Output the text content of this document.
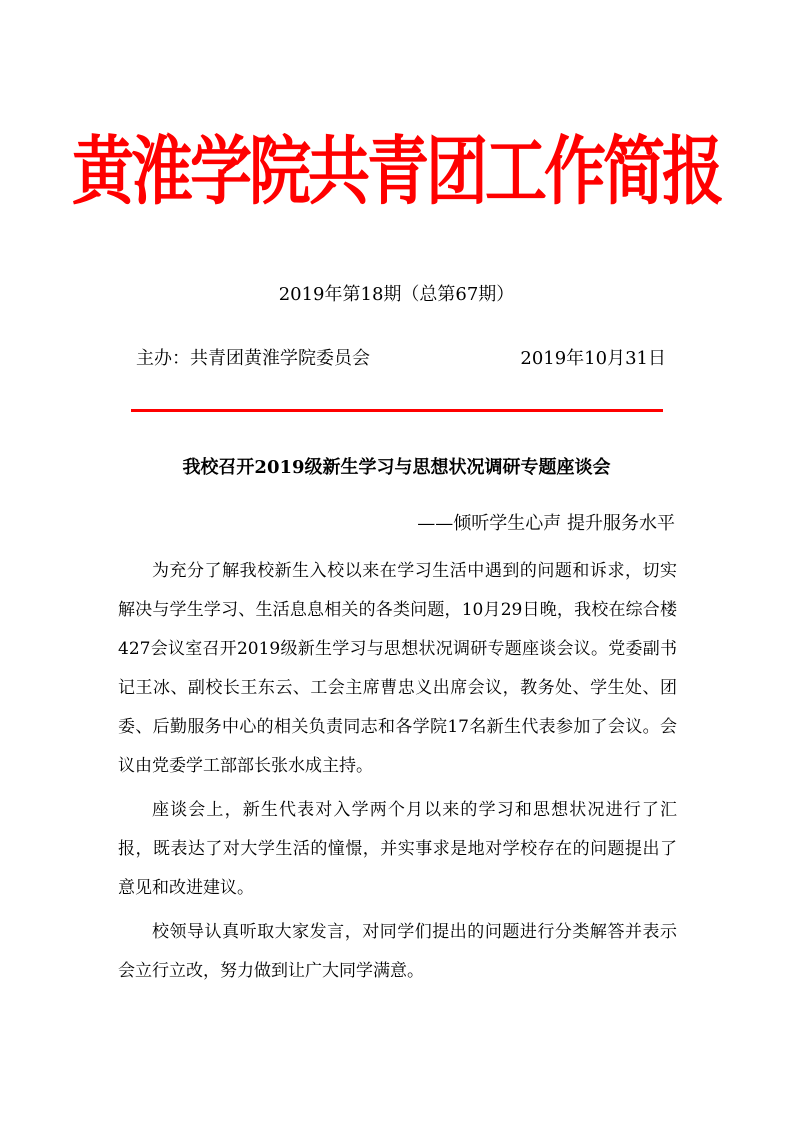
黄淮学院共青团工作简报
2019年第18期（总第67期）
主办：共青团黄淮学院委员会	2019年10月31日
我校召开2019级新生学习与思想状况调研专题座谈会
——倾听学生心声 提升服务水平

为充分了解我校新生入校以来在学习生活中遇到的问题和诉求，切实解决与学生学习、生活息息相关的各类问题，10月29日晚，我校在综合楼427会议室召开2019级新生学习与思想状况调研专题座谈会议。党委副书记王冰、副校长王东云、工会主席曹忠义出席会议，教务处、学生处、团委、后勤服务中心的相关负责同志和各学院17名新生代表参加了会议。会议由党委学工部部长张水成主持。

座谈会上，新生代表对入学两个月以来的学习和思想状况进行了汇报，既表达了对大学生活的憧憬，并实事求是地对学校存在的问题提出了意见和改进建议。

校领导认真听取大家发言，对同学们提出的问题进行分类解答并表示会立行立改，努力做到让广大同学满意。
